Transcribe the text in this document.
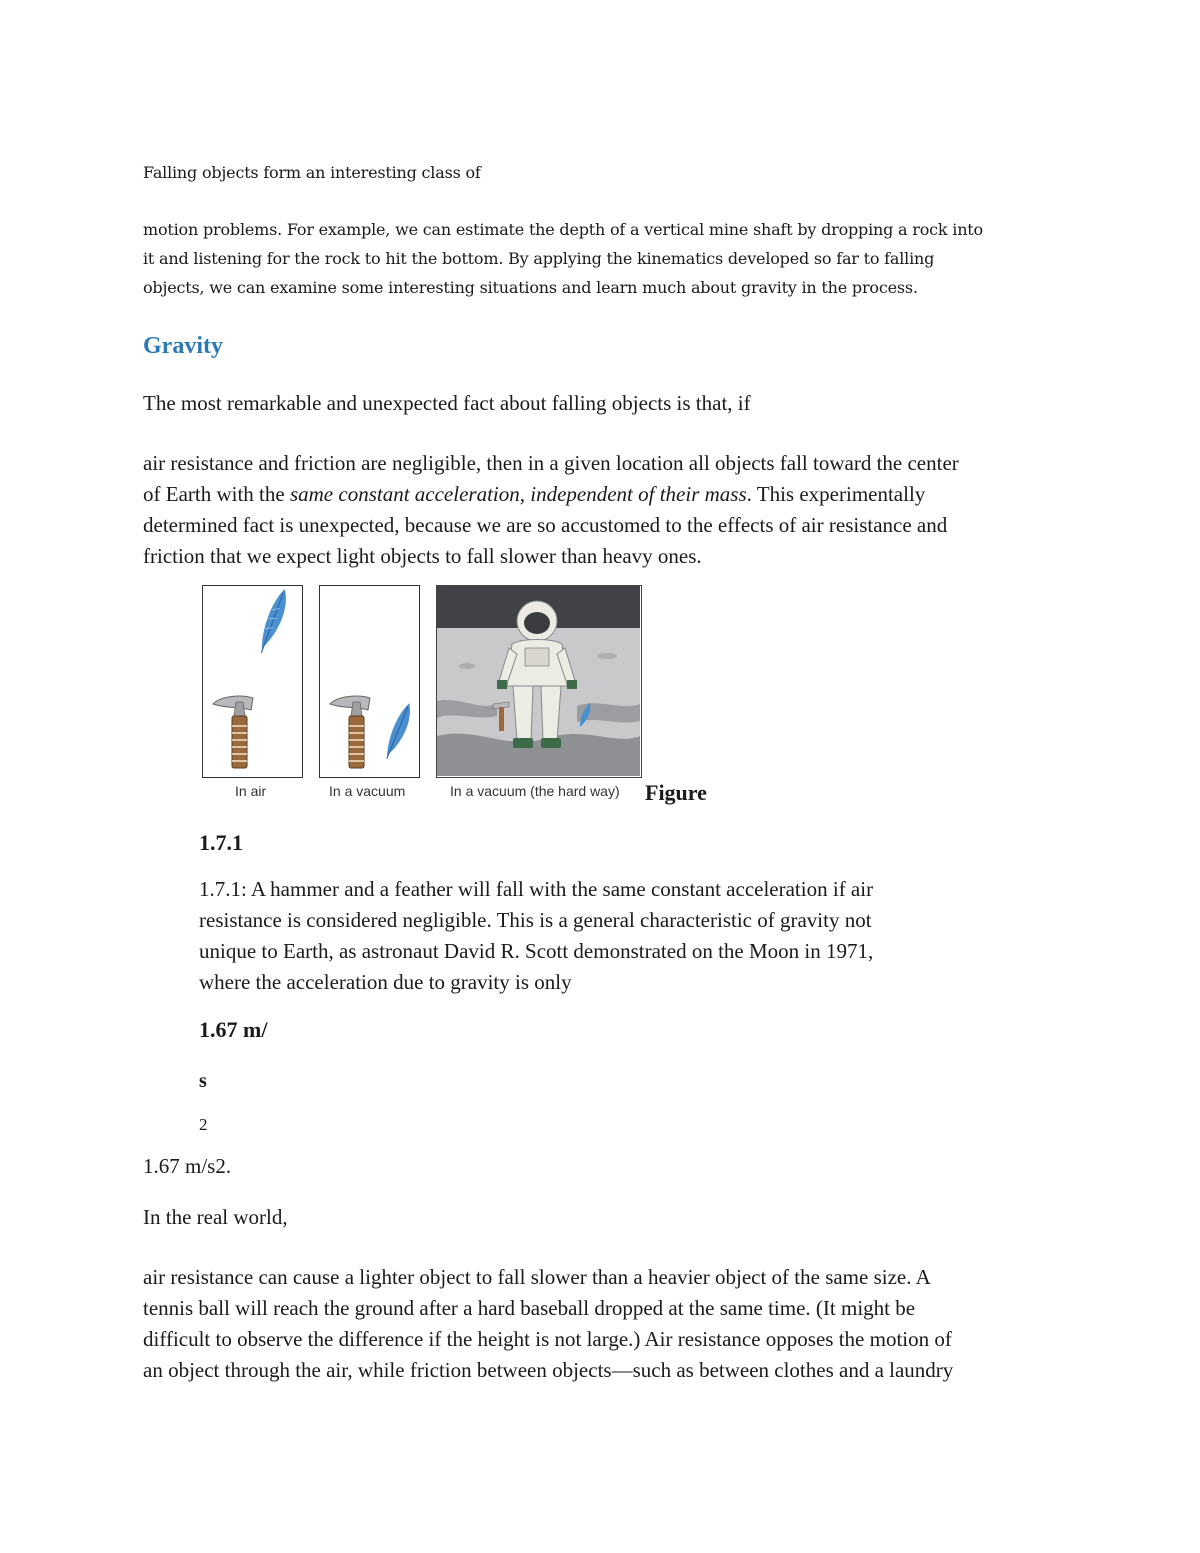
Falling objects form an interesting class of

motion problems. For example, we can estimate the depth of a vertical mine shaft by dropping a rock into

it and listening for the rock to hit the bottom. By applying the kinematics developed so far to falling

objects, we can examine some interesting situations and learn much about gravity in the process.

Gravity

The most remarkable and unexpected fact about falling objects is that, if

air resistance and friction are negligible, then in a given location all objects fall toward the center

of Earth with the same constant acceleration, independent of their mass. This experimentally

determined fact is unexpected, because we are so accustomed to the effects of air resistance and

friction that we expect light objects to fall slower than heavy ones.

In air	In a vacuum	In a vacuum (the hard way) Figure
1.7.1

1.7.1: A hammer and a feather will fall with the same constant acceleration if air

resistance is considered negligible. This is a general characteristic of gravity not

unique to Earth, as astronaut David R. Scott demonstrated on the Moon in 1971,

where the acceleration due to gravity is only

1.67 m/
s
2

1.67 m/s2.

In the real world,

air resistance can cause a lighter object to fall slower than a heavier object of the same size. A

tennis ball will reach the ground after a hard baseball dropped at the same time. (It might be

difficult to observe the difference if the height is not large.) Air resistance opposes the motion of

an object through the air, while friction between objects—such as between clothes and a laundry
